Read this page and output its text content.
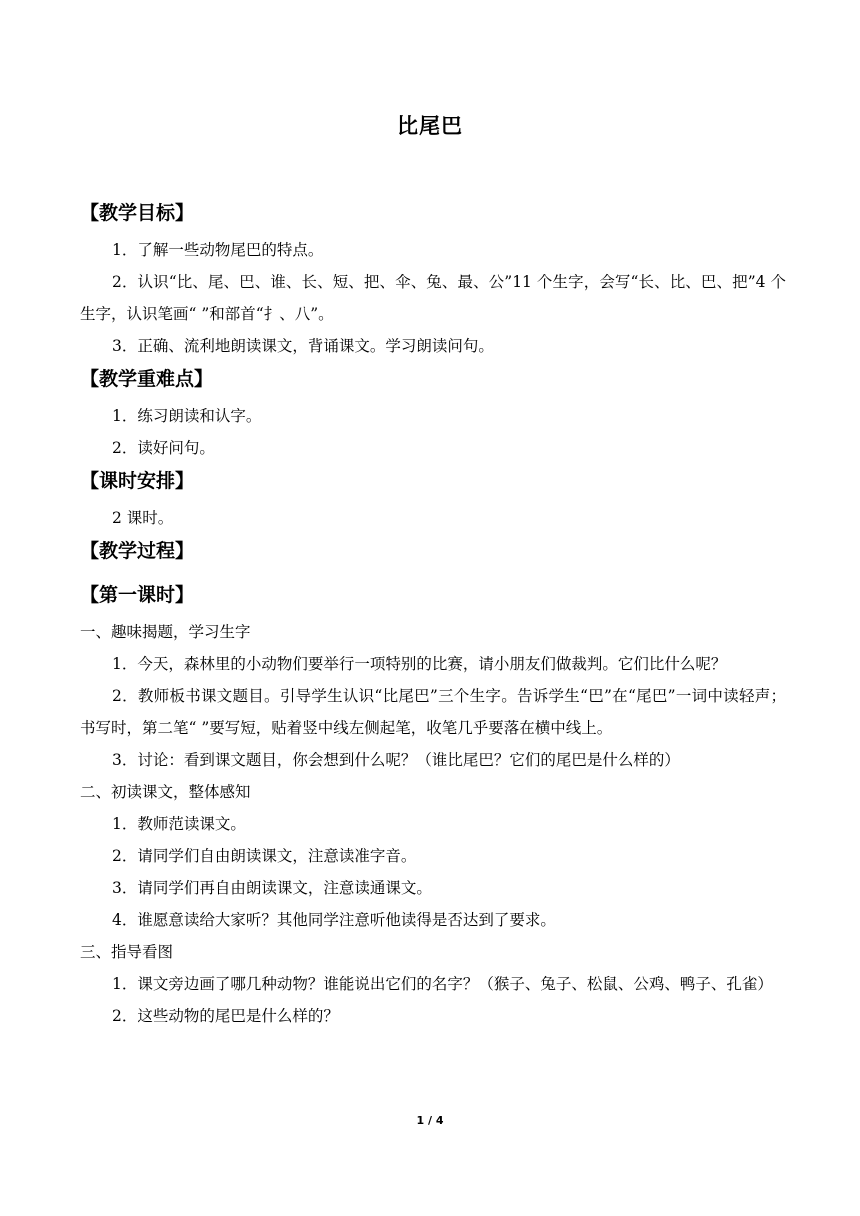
比尾巴

【教学目标】

1．了解一些动物尾巴的特点。

2．认识“比、尾、巴、谁、长、短、把、伞、兔、最、公”11 个生字，会写“长、比、巴、把”4 个生字，认识笔画“ ”和部首“扌、八”。

3．正确、流利地朗读课文，背诵课文。学习朗读问句。

【教学重难点】

1．练习朗读和认字。

2．读好问句。

【课时安排】

2 课时。

【教学过程】

【第一课时】

一、趣味揭题，学习生字

1．今天，森林里的小动物们要举行一项特别的比赛，请小朋友们做裁判。它们比什么呢？

2．教师板书课文题目。引导学生认识“比尾巴”三个生字。告诉学生“巴”在“尾巴”一词中读轻声；书写时，第二笔“ ”要写短，贴着竖中线左侧起笔，收笔几乎要落在横中线上。

3．讨论：看到课文题目，你会想到什么呢？（谁比尾巴？它们的尾巴是什么样的）

二、初读课文，整体感知

1．教师范读课文。

2．请同学们自由朗读课文，注意读准字音。

3．请同学们再自由朗读课文，注意读通课文。

4．谁愿意读给大家听？其他同学注意听他读得是否达到了要求。

三、指导看图

1．课文旁边画了哪几种动物？谁能说出它们的名字？（猴子、兔子、松鼠、公鸡、鸭子、孔雀）

2．这些动物的尾巴是什么样的？

1 / 4
